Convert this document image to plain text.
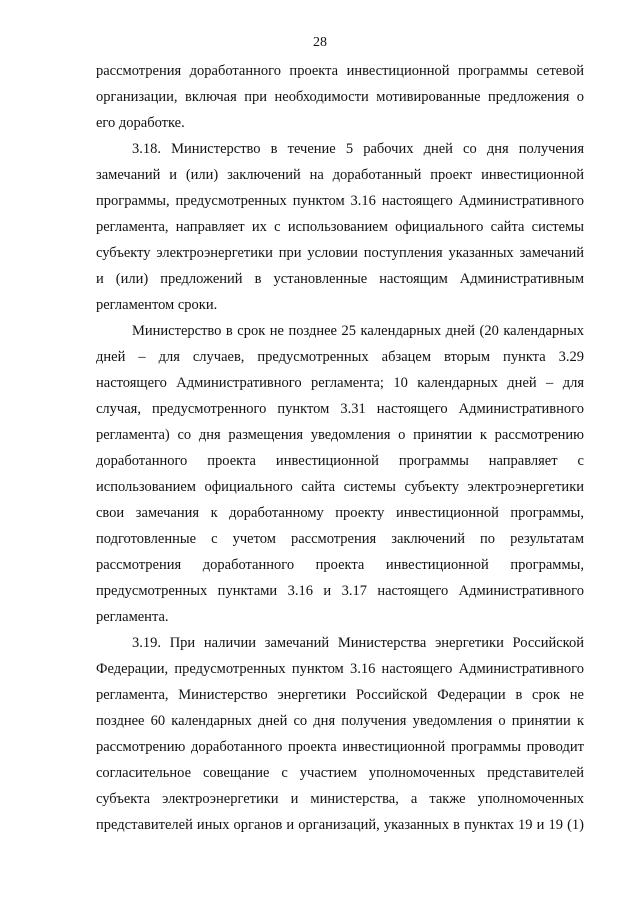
28
рассмотрения доработанного проекта инвестиционной программы сетевой
организации, включая при необходимости мотивированные предложения о
его доработке.
3.18. Министерство в течение 5 рабочих дней со дня получения
замечаний и (или) заключений на доработанный проект инвестиционной
программы, предусмотренных пунктом 3.16 настоящего Административного
регламента, направляет их с использованием официального сайта системы
субъекту электроэнергетики при условии поступления указанных замечаний
и (или) предложений в установленные настоящим Административным
регламентом сроки.
Министерство в срок не позднее 25 календарных дней (20 календарных
дней – для случаев, предусмотренных абзацем вторым пункта 3.29
настоящего Административного регламента; 10 календарных дней – для
случая, предусмотренного пунктом 3.31 настоящего Административного
регламента) со дня размещения уведомления о принятии к рассмотрению
доработанного проекта инвестиционной программы направляет с
использованием официального сайта системы субъекту электроэнергетики
свои замечания к доработанному проекту инвестиционной программы,
подготовленные с учетом рассмотрения заключений по результатам
рассмотрения доработанного проекта инвестиционной программы,
предусмотренных пунктами 3.16 и 3.17 настоящего Административного
регламента.
3.19. При наличии замечаний Министерства энергетики Российской
Федерации, предусмотренных пунктом 3.16 настоящего Административного
регламента, Министерство энергетики Российской Федерации в срок не
позднее 60 календарных дней со дня получения уведомления о принятии к
рассмотрению доработанного проекта инвестиционной программы проводит
согласительное совещание с участием уполномоченных представителей
субъекта электроэнергетики и министерства, а также уполномоченных
представителей иных органов и организаций, указанных в пунктах 19 и 19 (1)
